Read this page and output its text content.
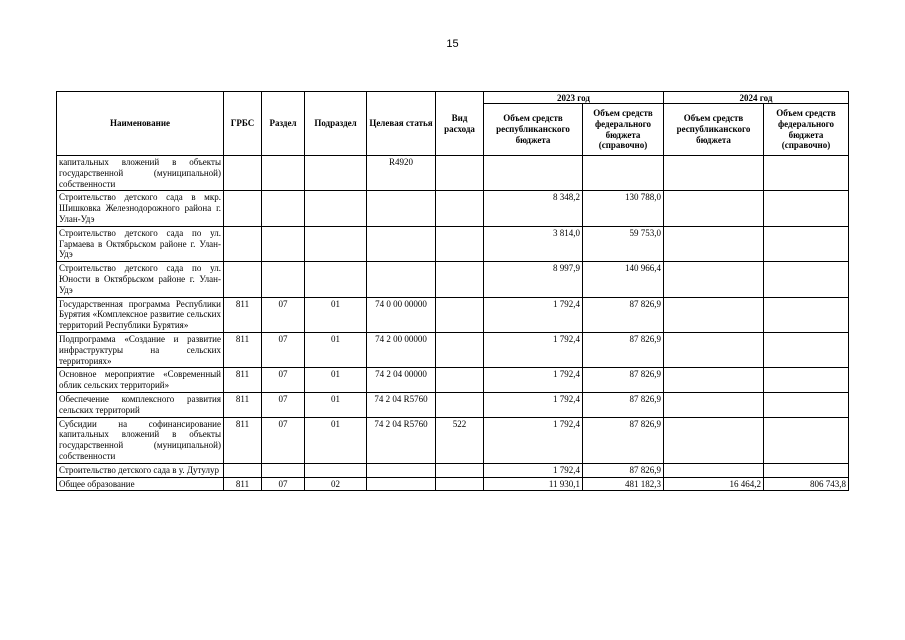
15
Наименование	ГРБС	Раздел	Подраздел	Целевая статья	Вид расхода	2023 год		2024 год	
						Объем средств республиканского бюджета	Объем средств федерального бюджета (справочно)	Объем средств республиканского бюджета	Объем средств федерального бюджета (справочно)
капитальных вложений в объекты государственной (муниципальной) собственности				R4920					
Строительство детского сада в мкр. Шишковка Железнодорожного района г. Улан-Удэ						8 348,2	130 788,0		
Строительство детского сада по ул. Гармаева в Октябрьском районе г. Улан-Удэ						3 814,0	59 753,0		
Строительство детского сада по ул. Юности в Октябрьском районе г. Улан-Удэ						8 997,9	140 966,4		
Государственная программа Республики Бурятия «Комплексное развитие сельских территорий Республики Бурятия»	811	07	01	74 0 00 00000		1 792,4	87 826,9		
Подпрограмма «Создание и развитие инфраструктуры на сельских территориях»	811	07	01	74 2 00 00000		1 792,4	87 826,9		
Основное мероприятие «Современный облик сельских территорий»	811	07	01	74 2 04 00000		1 792,4	87 826,9		
Обеспечение комплексного развития сельских территорий	811	07	01	74 2 04 R5760		1 792,4	87 826,9		
Субсидии на софинансирование капитальных вложений в объекты государственной (муниципальной) собственности	811	07	01	74 2 04 R5760	522	1 792,4	87 826,9		
Строительство детского сада в у. Дутулур						1 792,4	87 826,9		
Общее образование	811	07	02			11 930,1	481 182,3	16 464,2	806 743,8
